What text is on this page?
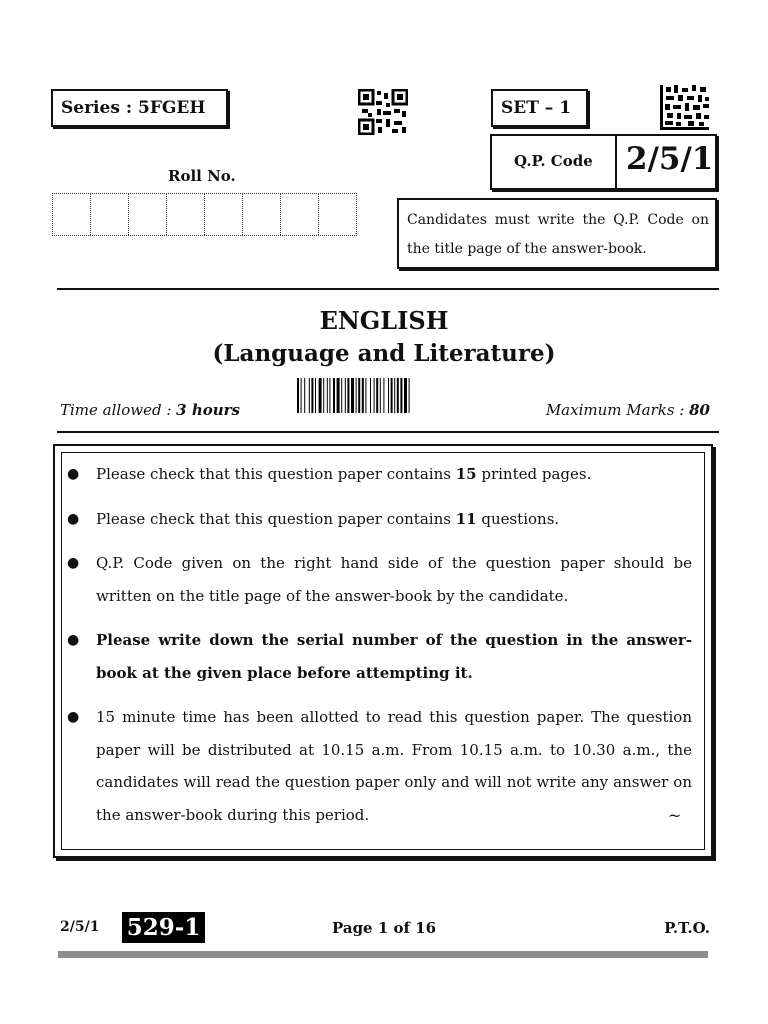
Series : 5FGEH	SET – 1
Q.P. Code 2/5/1
Roll No.
Candidates must write the Q.P. Code on the title page of the answer-book.
ENGLISH
(Language and Literature)
Time allowed : 3 hours	Maximum Marks : 80
● Please check that this question paper contains 15 printed pages.
● Please check that this question paper contains 11 questions.
● Q.P. Code given on the right hand side of the question paper should be written on the title page of the answer-book by the candidate.
● Please write down the serial number of the question in the answer-book at the given place before attempting it.
● 15 minute time has been allotted to read this question paper. The question paper will be distributed at 10.15 a.m. From 10.15 a.m. to 10.30 a.m., the candidates will read the question paper only and will not write any answer on the answer-book during this period.	~
2/5/1 529-1	Page 1 of 16	P.T.O.
